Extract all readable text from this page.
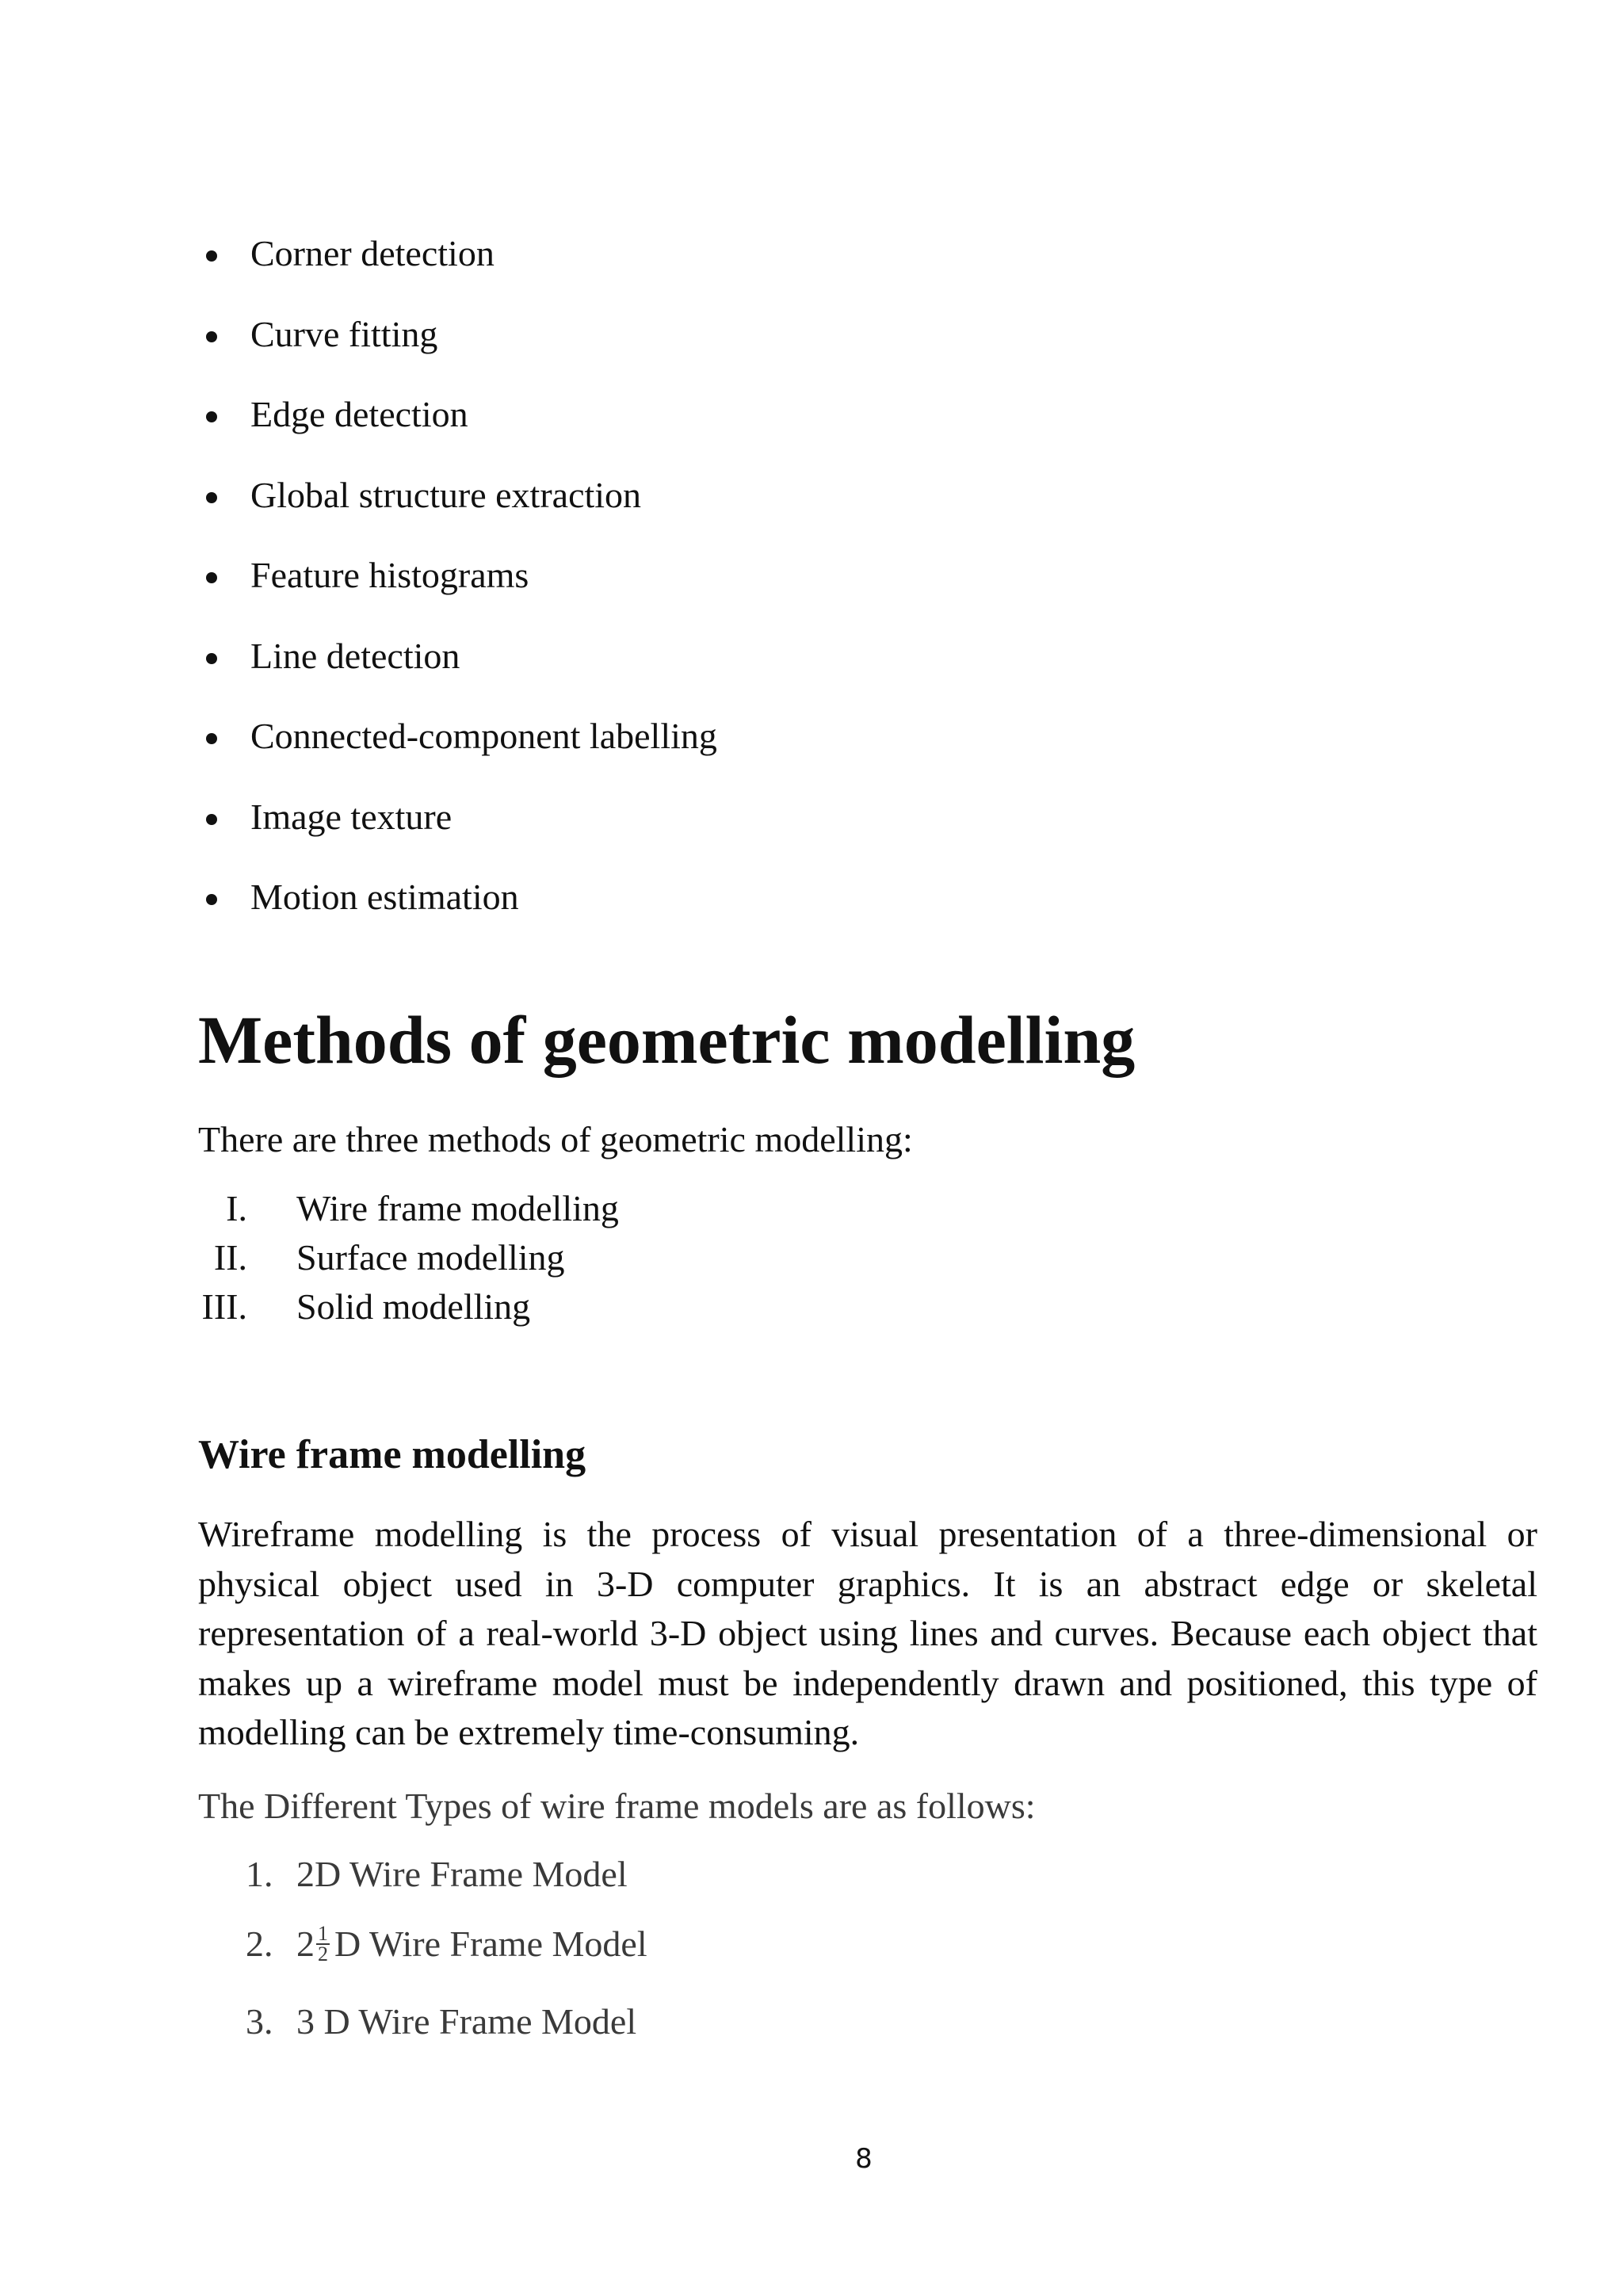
Corner detection
Curve fitting
Edge detection
Global structure extraction
Feature histograms
Line detection
Connected-component labelling
Image texture
Motion estimation
Methods of geometric modelling

There are three methods of geometric modelling:

I. Wire frame modelling
II. Surface modelling
III. Solid modelling
Wire frame modelling

Wireframe modelling is the process of visual presentation of a three-dimensional or physical object used in 3-D computer graphics. It is an abstract edge or skeletal representation of a real-world 3-D object using lines and curves. Because each object that makes up a wireframe model must be independently drawn and positioned, this type of modelling can be extremely time-consuming.

The Different Types of wire frame models are as follows:

1. 2D Wire Frame Model
2. $2 \frac{1}{2}$ D Wire Frame Model
3. 3 D Wire Frame Model
8
